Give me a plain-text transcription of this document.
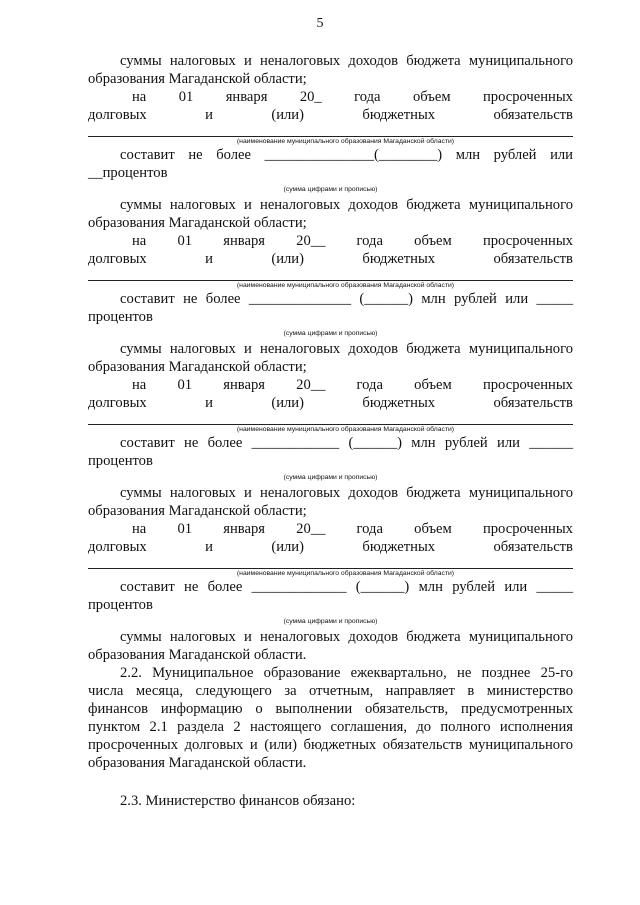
5
суммы налоговых и неналоговых доходов бюджета муниципального
образования Магаданской области;
на 01 января 20_ года объем просроченных
долговых	и	(или)	бюджетных	обязательств
(наименование муниципального образования Магаданской области)
составит не более _______________(________) млн рублей или
__процентов
(сумма цифрами и прописью)
суммы налоговых и неналоговых доходов бюджета муниципального
образования Магаданской области;
на 01 января 20__ года объем просроченных
долговых	и	(или)	бюджетных	обязательств
(наименование муниципального образования Магаданской области)
составит не более ______________ (______) млн рублей или _____
процентов
(сумма цифрами и прописью)
суммы налоговых и неналоговых доходов бюджета муниципального
образования Магаданской области;
на 01 января 20__ года объем просроченных
долговых	и	(или)	бюджетных	обязательств
(наименование муниципального образования Магаданской области)
составит не более ____________ (______) млн рублей или ______
процентов
(сумма цифрами и прописью)
суммы налоговых и неналоговых доходов бюджета муниципального
образования Магаданской области;
на 01 января 20__ года объем просроченных
долговых	и	(или)	бюджетных	обязательств
(наименование муниципального образования Магаданской области)
составит не более _____________ (______) млн рублей или _____
процентов
(сумма цифрами и прописью)
суммы налоговых и неналоговых доходов бюджета муниципального
образования Магаданской области.
2.2. Муниципальное образование ежеквартально, не позднее 25-го
числа месяца, следующего за отчетным, направляет в министерство
финансов информацию о выполнении обязательств, предусмотренных
пунктом 2.1 раздела 2 настоящего соглашения, до полного исполнения
просроченных долговых и (или) бюджетных обязательств муниципального
образования Магаданской области.
2.3. Министерство финансов обязано:
